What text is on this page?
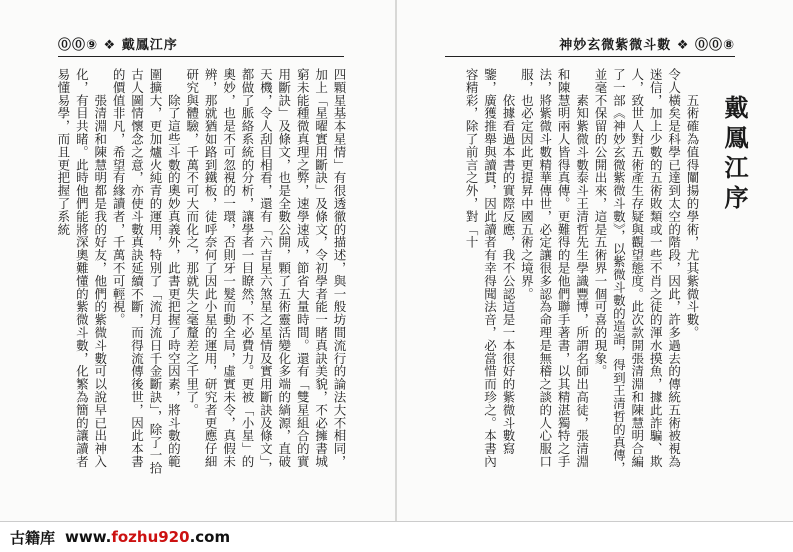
⓪⓪⑨ ❖ 戴鳳江序
四顆星基本星情」有很透徹的描述，與一般坊間流行的論法大不相同，加上「星曜實用斷訣」及條文，令初學者能一睹真訣美貌，不必擁書城窮未能種微真理之弊，速學速成，節省大量時間。還有「雙星組合的實用斷訣」及條文，也是全數公開，顆了五術靈活變化多端的緔源，直破天機，令人刮目相看，還有「六吉星六煞星之星情及實用斷訣及條文」，都做了脈絡系統的分析，讓學者一目瞭然，不必費力。更被「小星」的奧妙，也是不可忽視的一環，否則牙一髮而動全局，虛實未令，真假未辨，那就猶如路到鐵板，徒呼奈何了因此小星的運用，研究者更應仔細研究與體驗，千萬不可大而化之，那就失之毫釐差之千里了。
　　除了這些斗數的奧妙真義外，此書更把握了時空因素，將斗數的範圍擴大，更加爐火純青的運用，特別了「流月流日千金斷訣」，除了一拾古人圖情懷念之意，亦使斗數真訣延續不斷，而得流傳後世，因此本書的價值非凡，希望有緣讀者，千萬不可輕視。
　　張清淵和陳慧明都是我的好友，他們的紫微斗數可以說早已出神入化，有目共睹。此時他們能將深奧難懂的紫微斗數，化繁為簡的讓讀者易懂易學，而且更把握了系統
神妙玄微紫微斗數 ❖ ⓪⓪⑧
戴鳳江序
　　五術確為值得闡揚的學術，尤其紫微斗數。
令人橫矣是科學已達到太空的階段，因此，許多過去的傳統五術被視為迷信，加上少數的五術敗類或一些不肖之徒的渾水摸魚，據此詐騙、欺人，致世人對五術產生存疑與觀望態度。此次款開張清淵和陳慧明合編了一部《神妙玄微紫微斗數》，以紫微斗數的造詣，得到王清哲的真傳，並毫不保留的公開出來，這是五術界一個可喜的現象。
　　素知紫微斗數泰斗王清哲先生學識豐博，所謂名師出高徒，張清淵和陳慧明兩人皆得真傳。更難得的是他們聯手著書，以其精湛獨特之手法，將紫微斗數精華傳世，必定讓很多認為命理是無稽之談的人心服口服，也必定因此更提昇中國五術之境界。
　　依據看過本書的實際反應，我不公認這是一本很好的紫微斗數寫鑒，廣獲推舉與讀貫，因此讀者有幸得聞法音，必當惜而珍之。本書內容精彩，除了前言之外，對「十
古籍库 www.fozhu920.com
